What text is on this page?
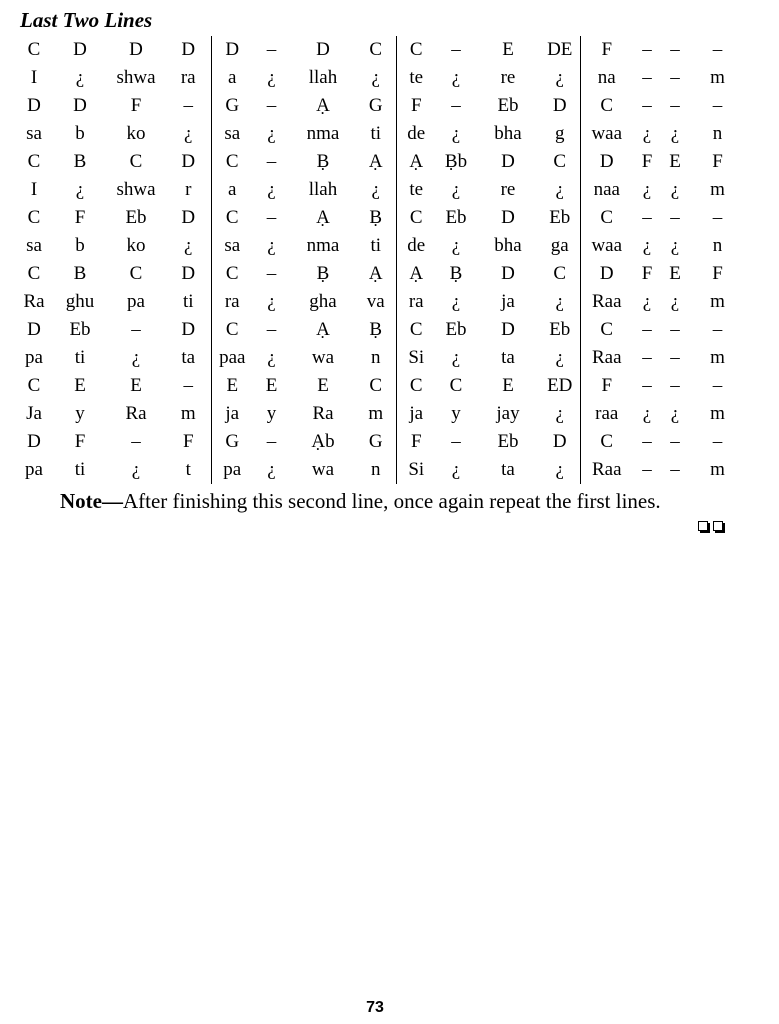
Last Two Lines
C	D	D	D	D	–	D	C	C	–	E	DE	F	–	–	–
I	¿	shwa	ra	a	¿	llah	¿	te	¿	re	¿	na	–	–	m
D	D	F	–	G	–	Ạ	G	F	–	Eb	D	C	–	–	–
sa	b	ko	¿	sa	¿	nma	ti	de	¿	bha	g	waa	¿	¿	n
C	B	C	D	C	–	Ḅ	Ạ	Ạ	Ḅb	D	C	D	F	E	F
I	¿	shwa	r	a	¿	llah	¿	te	¿	re	¿	naa	¿	¿	m
C	F	Eb	D	C	–	Ạ	Ḅ	C	Eb	D	Eb	C	–	–	–
sa	b	ko	¿	sa	¿	nma	ti	de	¿	bha	ga	waa	¿	¿	n
C	B	C	D	C	–	Ḅ	Ạ	Ạ	Ḅ	D	C	D	F	E	F
Ra	ghu	pa	ti	ra	¿	gha	va	ra	¿	ja	¿	Raa	¿	¿	m
D	Eb	–	D	C	–	Ạ	Ḅ	C	Eb	D	Eb	C	–	–	–
pa	ti	¿	ta	paa	¿	wa	n	Si	¿	ta	¿	Raa	–	–	m
C	E	E	–	E	E	E	C	C	C	E	ED	F	–	–	–
Ja	y	Ra	m	ja	y	Ra	m	ja	y	jay	¿	raa	¿	¿	m
D	F	–	F	G	–	Ạb	G	F	–	Eb	D	C	–	–	–
pa	ti	¿	t	pa	¿	wa	n	Si	¿	ta	¿	Raa	–	–	m

Note—After finishing this second line, once again repeat the first lines.

73
